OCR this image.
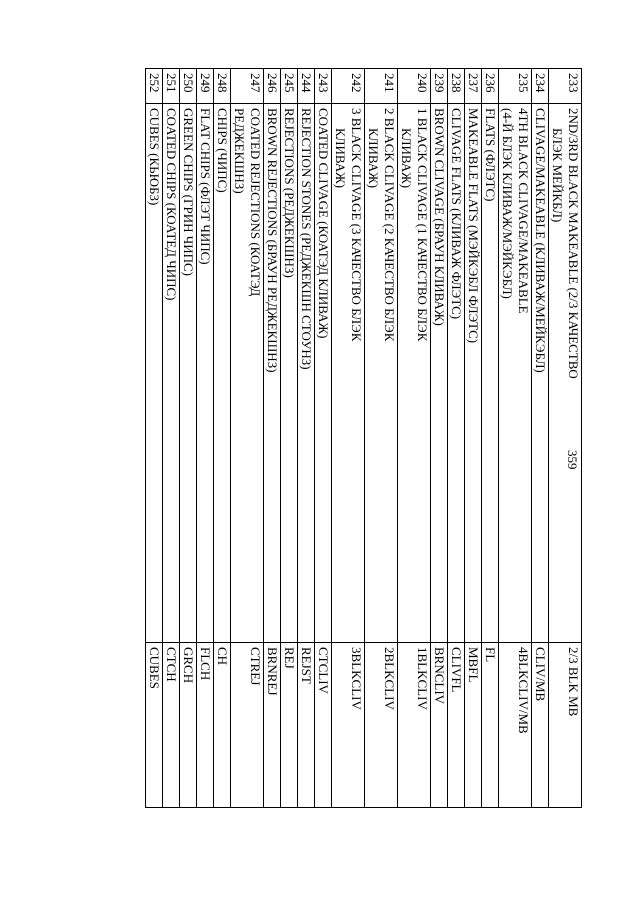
359
233	2ND/3RD BLACK MAKEABLE (2/3 КАЧЕСТВО	2/3 BLK MB
	БЛЭК МЕЙКБЛ)	
234	CLIVAGE/MAKEABLE (КЛИВАЖ/МЕЙКЭБЛ)	CLIV/MB
235	4TH BLACK CLIVAGE/MAKEABLE	4BLKCLIV/MB
	(4-Й БЛЭК КЛИВАЖ/МЭЙКЭБЛ)	
236	FLATS (ФЛЭТС)	FL
237	MAKEABLE FLATS (МЭЙКЭБЛ ФЛЭТС)	MBFL
238	CLIVAGE FLATS (КЛИВАЖ ФЛЭТС)	CLIVFL
239	BROWN CLIVAGE (БРАУН КЛИВАЖ)	BRNCLIV
240	1 BLACK CLIVAGE (1 КАЧЕСТВО БЛЭК	1BLKCLIV
	КЛИВАЖ)	
241	2 BLACK CLIVAGE (2 КАЧЕСТВО БЛЭК	2BLKCLIV
	КЛИВАЖ)	
242	3 BLACK CLIVAGE (3 КАЧЕСТВО БЛЭК	3BLKCLIV
	КЛИВАЖ)	
243	COATED CLIVAGE (КОАТЭД КЛИВАЖ)	CTCLIV
244	REJECTION STONES (РЕДЖЕКШН СТОУНЗ)	REJST
245	REJECTIONS (РЕДЖЕКШНЗ)	REJ
246	BROWN REJECTIONS (БРАУН РЕДЖЕКШНЗ)	BRNREJ
247	COATED REJECTIONS (КОАТЭД	CTREJ
	РЕДЖЕКШНЗ)	
248	CHIPS (ЧИПС)	CH
249	FLAT CHIPS (ФЛЭТ ЧИПС)	FLCH
250	GREEN CHIPS (ГРИН ЧИПС)	GRCH
251	COATED CHIPS (КОАТЕД ЧИПС)	CTCH
252	CUBES (КЬЮБЗ)	CUBES
